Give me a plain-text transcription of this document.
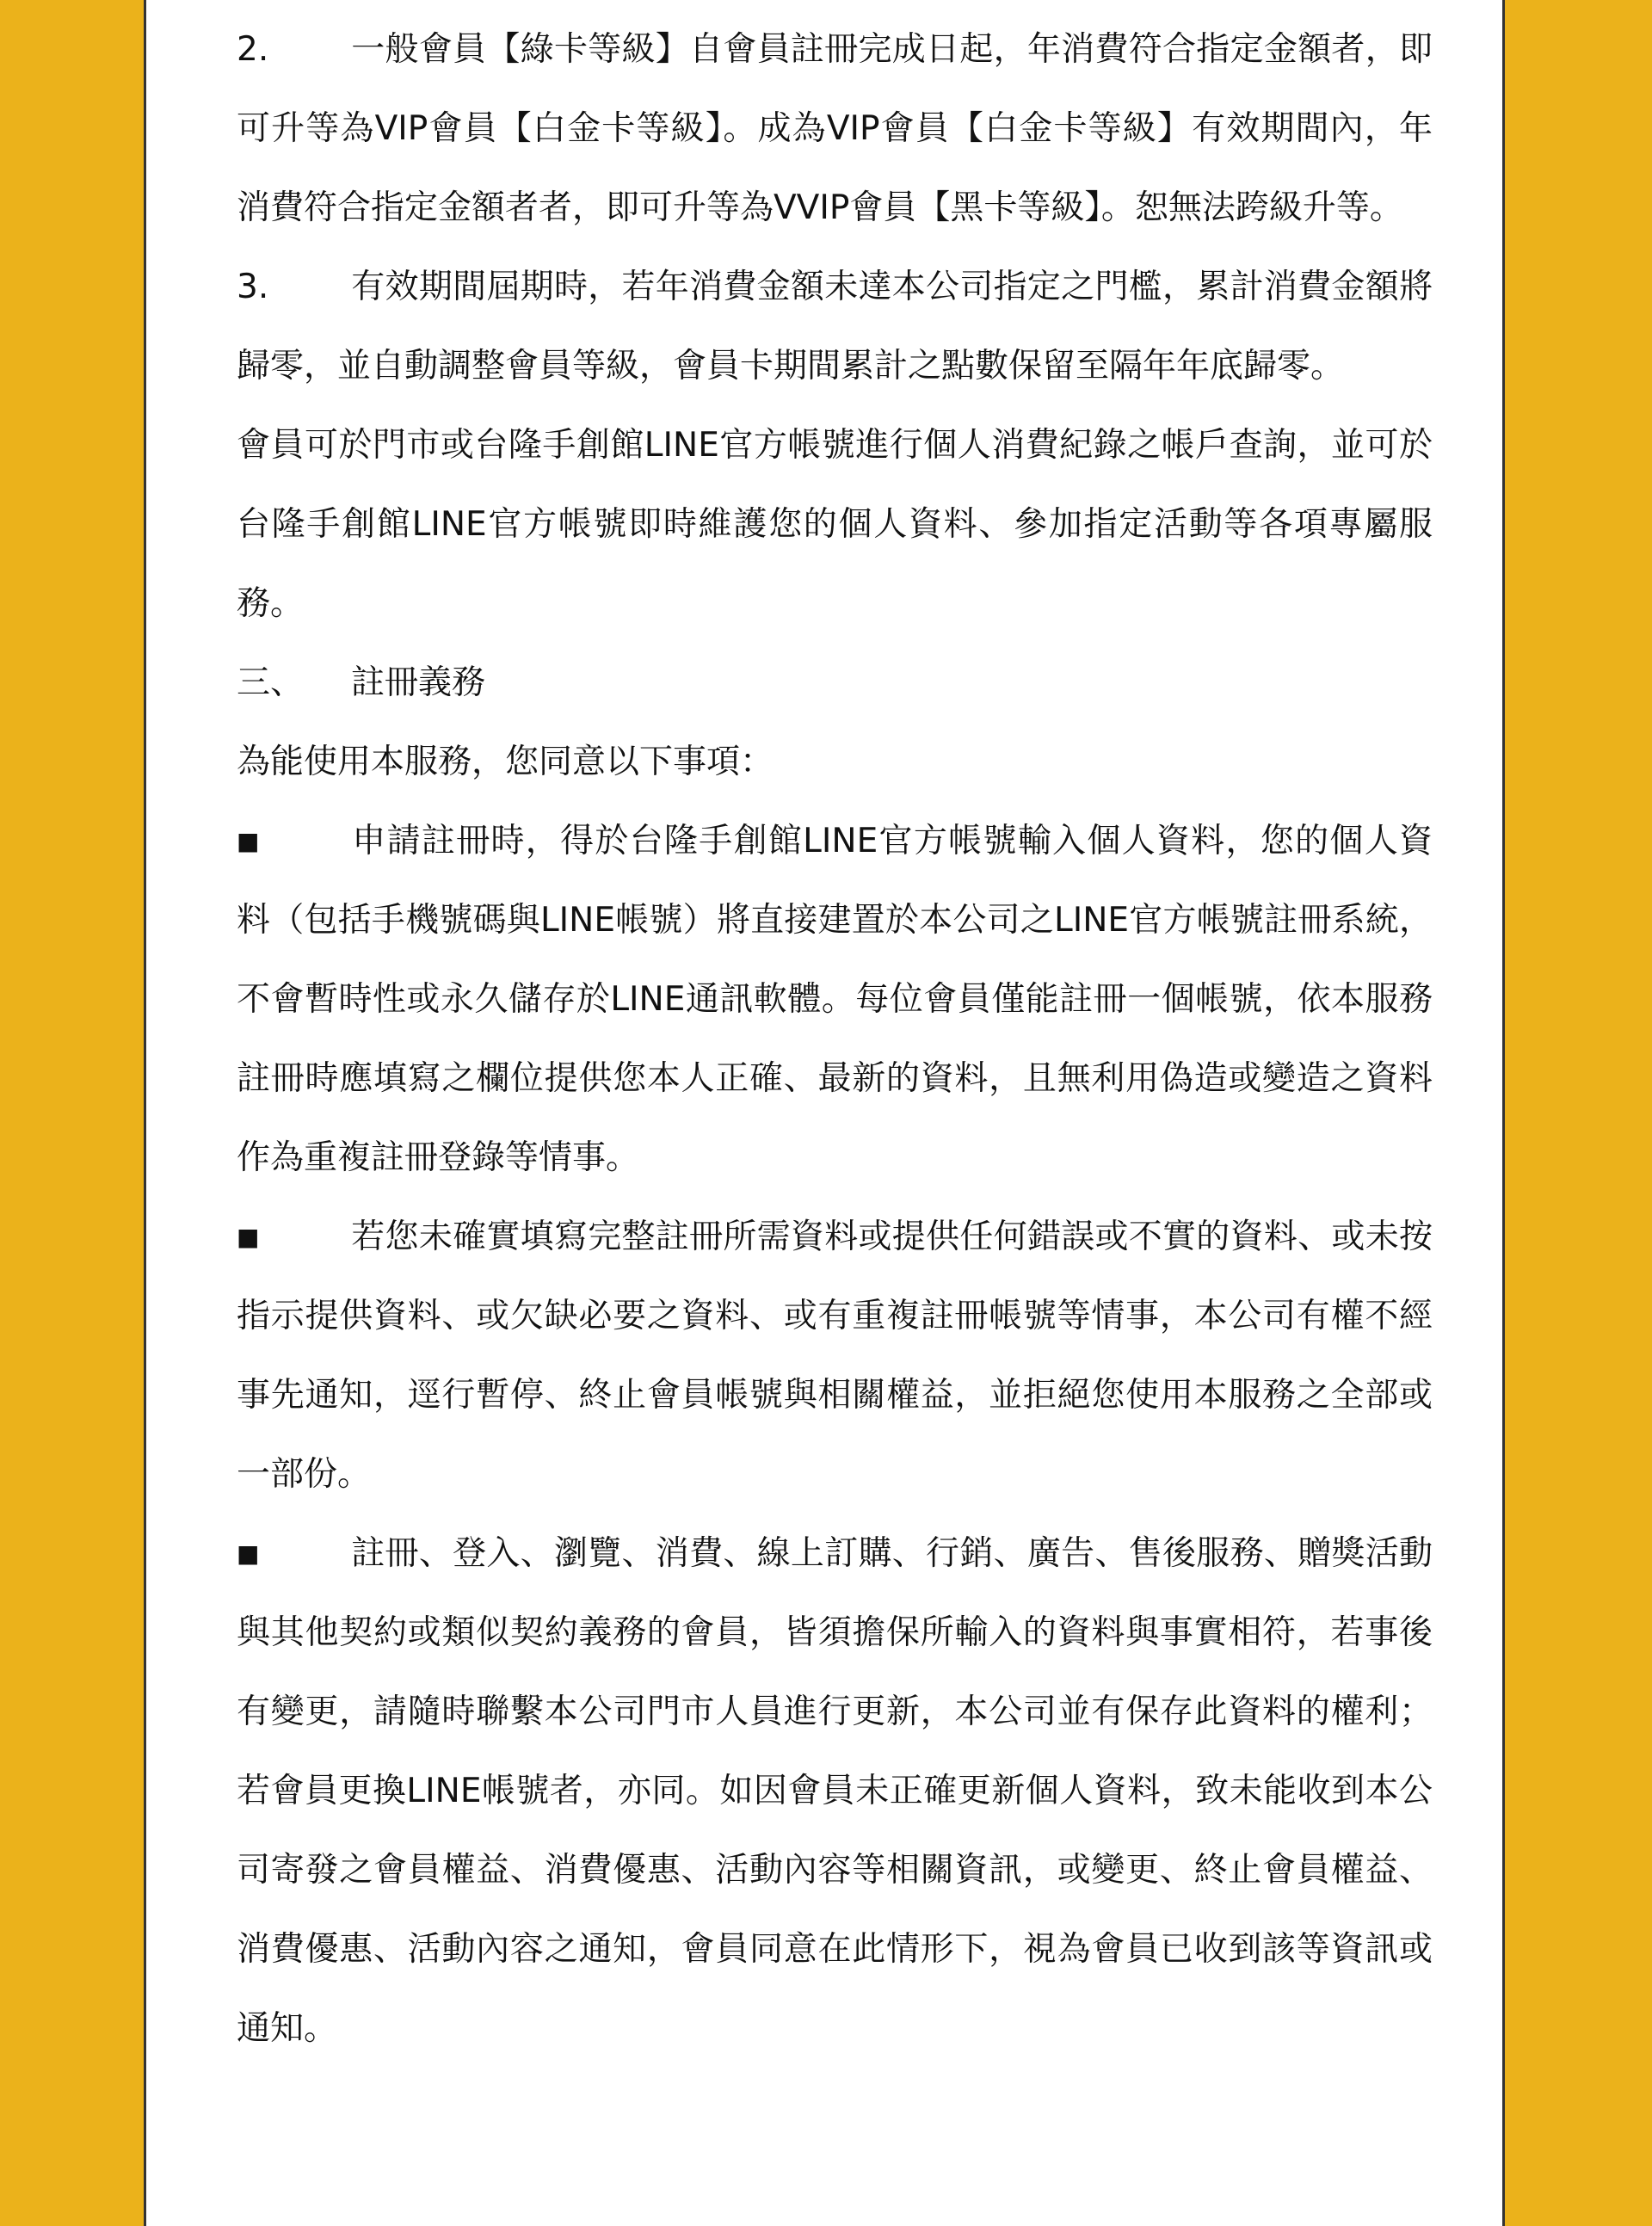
2. 一般會員【綠卡等級】自會員註冊完成日起，年消費符合指定金額者，即可升等為VIP會員【白金卡等級】。成為VIP會員【白金卡等級】有效期間內，年消費符合指定金額者者，即可升等為VVIP會員【黑卡等級】。恕無法跨級升等。

3. 有效期間屆期時，若年消費金額未達本公司指定之門檻，累計消費金額將歸零，並自動調整會員等級，會員卡期間累計之點數保留至隔年年底歸零。

會員可於門市或台隆手創館LINE官方帳號進行個人消費紀錄之帳戶查詢，並可於台隆手創館LINE官方帳號即時維護您的個人資料、參加指定活動等各項專屬服務。

三、 註冊義務

為能使用本服務，您同意以下事項：

■	申請註冊時，得於台隆手創館LINE官方帳號輸入個人資料，您的個人資料（包括手機號碼與LINE帳號）將直接建置於本公司之LINE官方帳號註冊系統，不會暫時性或永久儲存於LINE通訊軟體。每位會員僅能註冊一個帳號，依本服務註冊時應填寫之欄位提供您本人正確、最新的資料，且無利用偽造或變造之資料作為重複註冊登錄等情事。

■	若您未確實填寫完整註冊所需資料或提供任何錯誤或不實的資料、或未按指示提供資料、或欠缺必要之資料、或有重複註冊帳號等情事，本公司有權不經事先通知，逕行暫停、終止會員帳號與相關權益，並拒絕您使用本服務之全部或一部份。

■	註冊、登入、瀏覽、消費、線上訂購、行銷、廣告、售後服務、贈獎活動與其他契約或類似契約義務的會員，皆須擔保所輸入的資料與事實相符，若事後有變更，請隨時聯繫本公司門市人員進行更新，本公司並有保存此資料的權利；若會員更換LINE帳號者，亦同。如因會員未正確更新個人資料，致未能收到本公司寄發之會員權益、消費優惠、活動內容等相關資訊，或變更、終止會員權益、消費優惠、活動內容之通知，會員同意在此情形下，視為會員已收到該等資訊或通知。
